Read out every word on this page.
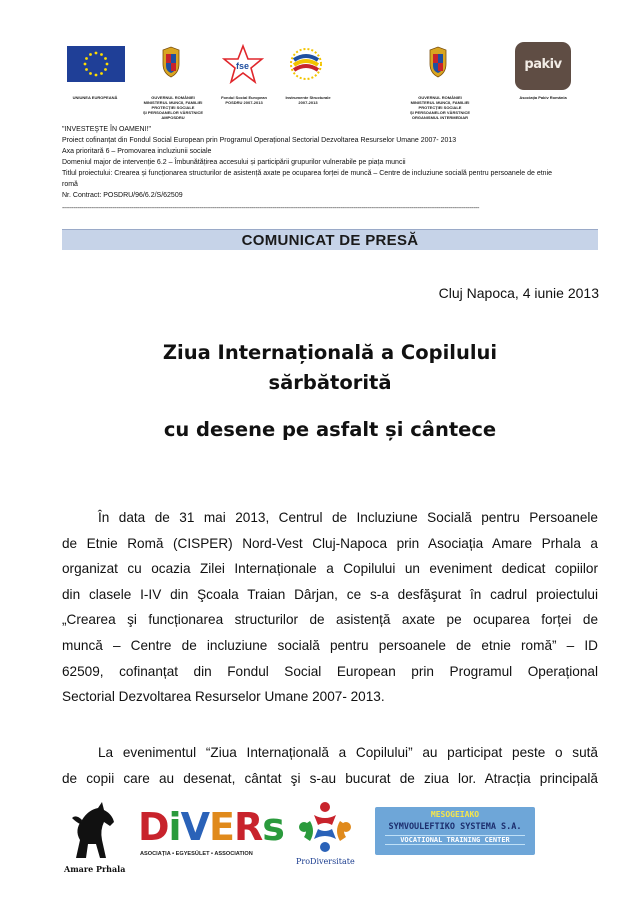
UNIUNEA EUROPEANĂ	GUVERNUL ROMÂNIEI
MINISTERUL MUNCII, FAMILIEI
PROTECȚIEI SOCIALE
ȘI PERSOANELOR VÂRSTNICE
AMPOSDRU
fse
Fondul Social European
POSDRU 2007-2013
Instrumente Structurale
2007-2013
GUVERNUL ROMÂNIEI
MINISTERUL MUNCII, FAMILIEI
PROTECȚIEI SOCIALE
ȘI PERSOANELOR VÂRSTNICE
ORGANISMUL INTERMEDIAR
pakiv
Asociația Pakiv România
"INVESTEŞTE ÎN OAMENI!"
Proiect cofinanțat din Fondul Social European prin Programul Operațional Sectorial Dezvoltarea Resurselor Umane 2007- 2013
Axa prioritară 6 – Promovarea incluziunii sociale
Domeniul major de intervenție 6.2 – Îmbunătățirea accesului și participării grupurilor vulnerabile pe piața muncii
Titlul proiectului: Crearea și funcționarea structurilor de asistență axate pe ocuparea forței de muncă – Centre de incluziune socială pentru persoanele de etnie
romă
Nr. Contract: POSDRU/96/6.2/S/62509
------------------------------------------------------------------------------------------------------------------------------------------------------------------------------------------------------------------------
COMUNICAT DE PRESĂ
Cluj Napoca, 4 iunie 2013
Ziua Internațională a Copilului
sărbătorită
cu desene pe asfalt și cântece
În data de 31 mai 2013, Centrul de Incluziune Socială pentru Persoanele
de Etnie Romă (CISPER) Nord-Vest Cluj-Napoca prin Asociația Amare Prhala a
organizat cu ocazia Zilei Internaționale a Copilului un eveniment dedicat copiilor
din clasele I-IV din Şcoala Traian Dârjan, ce s-a desfăşurat în cadrul proiectului
„Crearea şi funcționarea structurilor de asistență axate pe ocuparea forței de
muncă – Centre de incluziune socială pentru persoanele de etnie romă” – ID
62509, cofinanțat din Fondul Social European prin Programul Operațional
Sectorial Dezvoltarea Resurselor Umane 2007- 2013.
La evenimentul “Ziua Internațională a Copilului” au participat peste o sută
de copii care au desenat, cântat şi s-au bucurat de ziua lor. Atracția principală
Amare Prhala
DiVERs
ASOCIAȚIA • EGYESÜLET • ASSOCIATION
ProDiversitate
MESOGEIAKO
SYMVOULEFTIKO SYSTEMA S.A.
VOCATIONAL TRAINING CENTER
